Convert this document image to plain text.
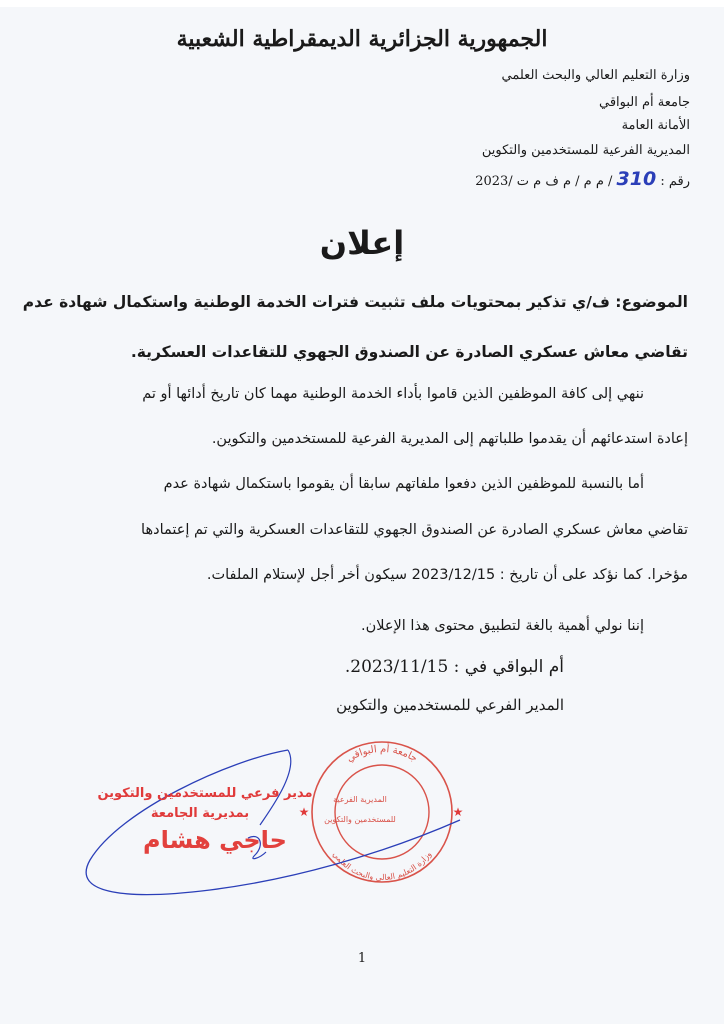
الجمهورية الجزائرية الديمقراطية الشعبية
وزارة التعليم العالي والبحث العلمي
جامعة أم البواقي
الأمانة العامة
المديرية الفرعية للمستخدمين والتكوين
رقم : 310 / م م / م ف م ت /2023
إعلان
الموضوع: ف/ي تذكير بمحتويات ملف تثبيت فترات الخدمة الوطنية واستكمال شهادة عدم
تقاضي معاش عسكري الصادرة عن الصندوق الجهوي للتقاعدات العسكرية.
ننهي إلى كافة الموظفين الذين قاموا بأداء الخدمة الوطنية مهما كان تاريخ أدائها أو تم
إعادة استدعائهم أن يقدموا طلباتهم إلى المديرية الفرعية للمستخدمين والتكوين.
أما بالنسبة للموظفين الذين دفعوا ملفاتهم سابقا أن يقوموا باستكمال شهادة عدم
تقاضي معاش عسكري الصادرة عن الصندوق الجهوي للتقاعدات العسكرية والتي تم إعتمادها
مؤخرا. كما نؤكد على أن تاريخ : 2023/12/15 سيكون أخر أجل لإستلام الملفات.
إننا نولي أهمية بالغة لتطبيق محتوى هذا الإعلان.
أم البواقي في : 2023/11/15.
المدير الفرعي للمستخدمين والتكوين
جامعة أم البواقي
وزارة التعليم العالي والبحث العلمي
★
★
مدير فرعي للمستخدمين والتكوين
بمديرية الجامعة
حاجي هشام
المديرية الفرعية
للمستخدمين والتكوين
1
